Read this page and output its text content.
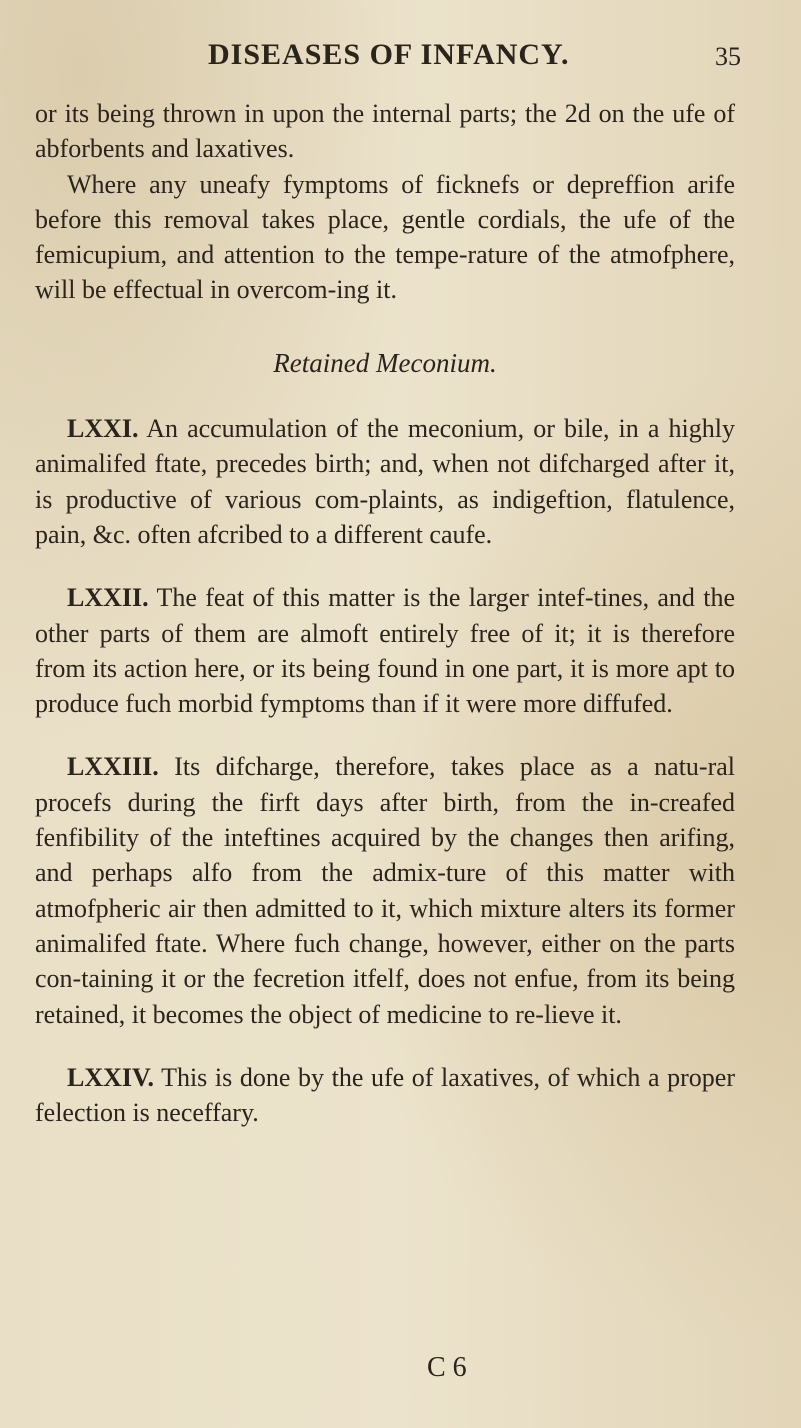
DISEASES OF INFANCY.	35

or its being thrown in upon the internal parts; the 2d on the ufe of abforbents and laxatives.

Where any uneafy fymptoms of ficknefs or depreffion arife before this removal takes place, gentle cordials, the ufe of the femicupium, and attention to the tempe-rature of the atmofphere, will be effectual in overcom-ing it.

Retained Meconium.

LXXI. An accumulation of the meconium, or bile, in a highly animalifed ftate, precedes birth; and, when not difcharged after it, is productive of various com-plaints, as indigeftion, flatulence, pain, &c. often afcribed to a different caufe.

LXXII. The feat of this matter is the larger intef-tines, and the other parts of them are almoft entirely free of it; it is therefore from its action here, or its being found in one part, it is more apt to produce fuch morbid fymptoms than if it were more diffufed.

LXXIII. Its difcharge, therefore, takes place as a natu-ral procefs during the firft days after birth, from the in-creafed fenfibility of the inteftines acquired by the changes then arifing, and perhaps alfo from the admix-ture of this matter with atmofpheric air then admitted to it, which mixture alters its former animalifed ftate. Where fuch change, however, either on the parts con-taining it or the fecretion itfelf, does not enfue, from its being retained, it becomes the object of medicine to re-lieve it.

LXXIV. This is done by the ufe of laxatives, of which a proper felection is neceffary.

C 6
